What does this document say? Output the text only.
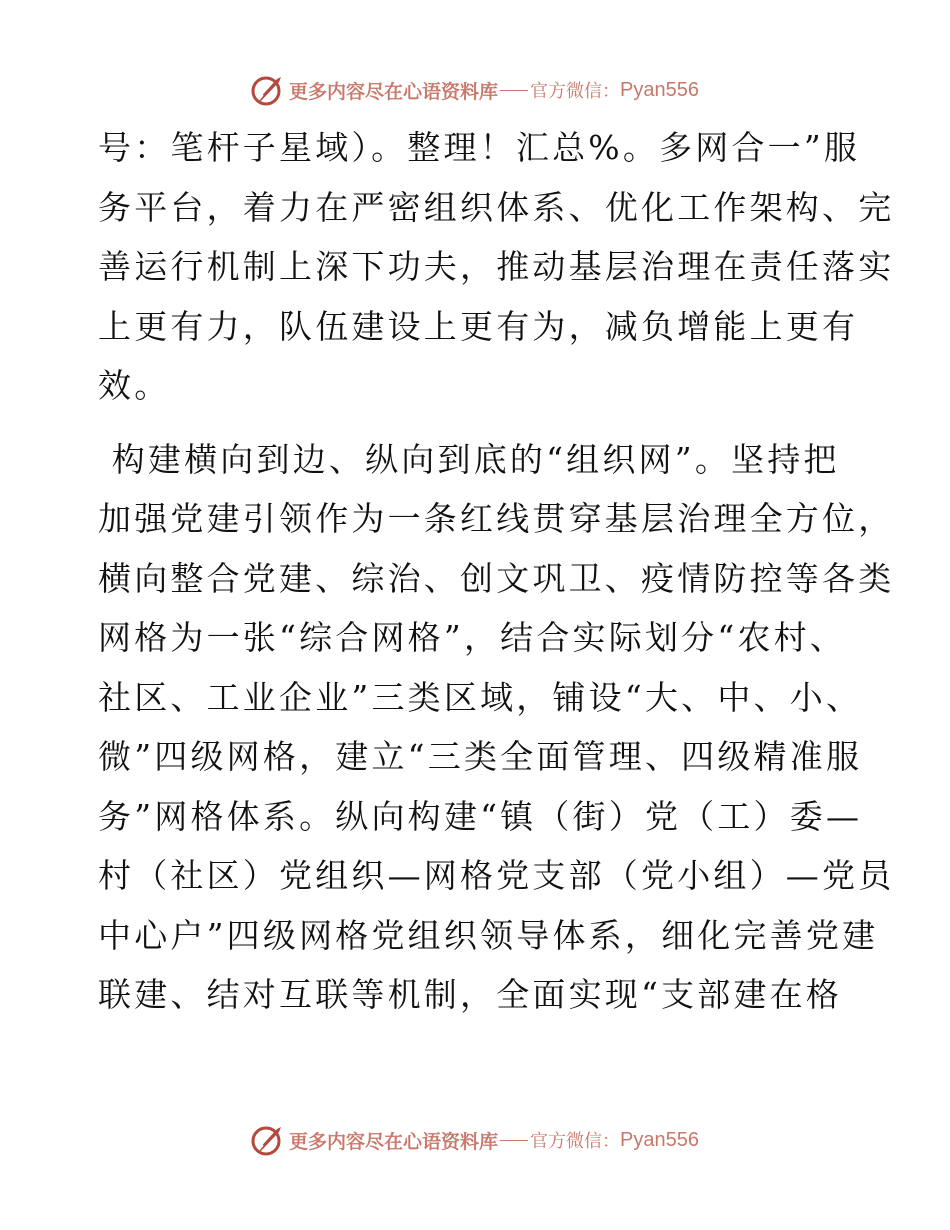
更多内容尽在心语资料库 官方微信： Pyan556

号：笔杆子星域）。整理！汇总%。多网合一”服
务平台，着力在严密组织体系、优化工作架构、完
善运行机制上深下功夫，推动基层治理在责任落实
上更有力，队伍建设上更有为，减负增能上更有
效。

构建横向到边、纵向到底的“组织网”。坚持把
加强党建引领作为一条红线贯穿基层治理全方位，
横向整合党建、综治、创文巩卫、疫情防控等各类
网格为一张“综合网格”，结合实际划分“农村、
社区、工业企业”三类区域，铺设“大、中、小、
微”四级网格，建立“三类全面管理、四级精准服
务”网格体系。纵向构建“镇（街）党（工）委—
村（社区）党组织—网格党支部（党小组）—党员
中心户”四级网格党组织领导体系，细化完善党建
联建、结对互联等机制，全面实现“支部建在格

更多内容尽在心语资料库 官方微信： Pyan556
